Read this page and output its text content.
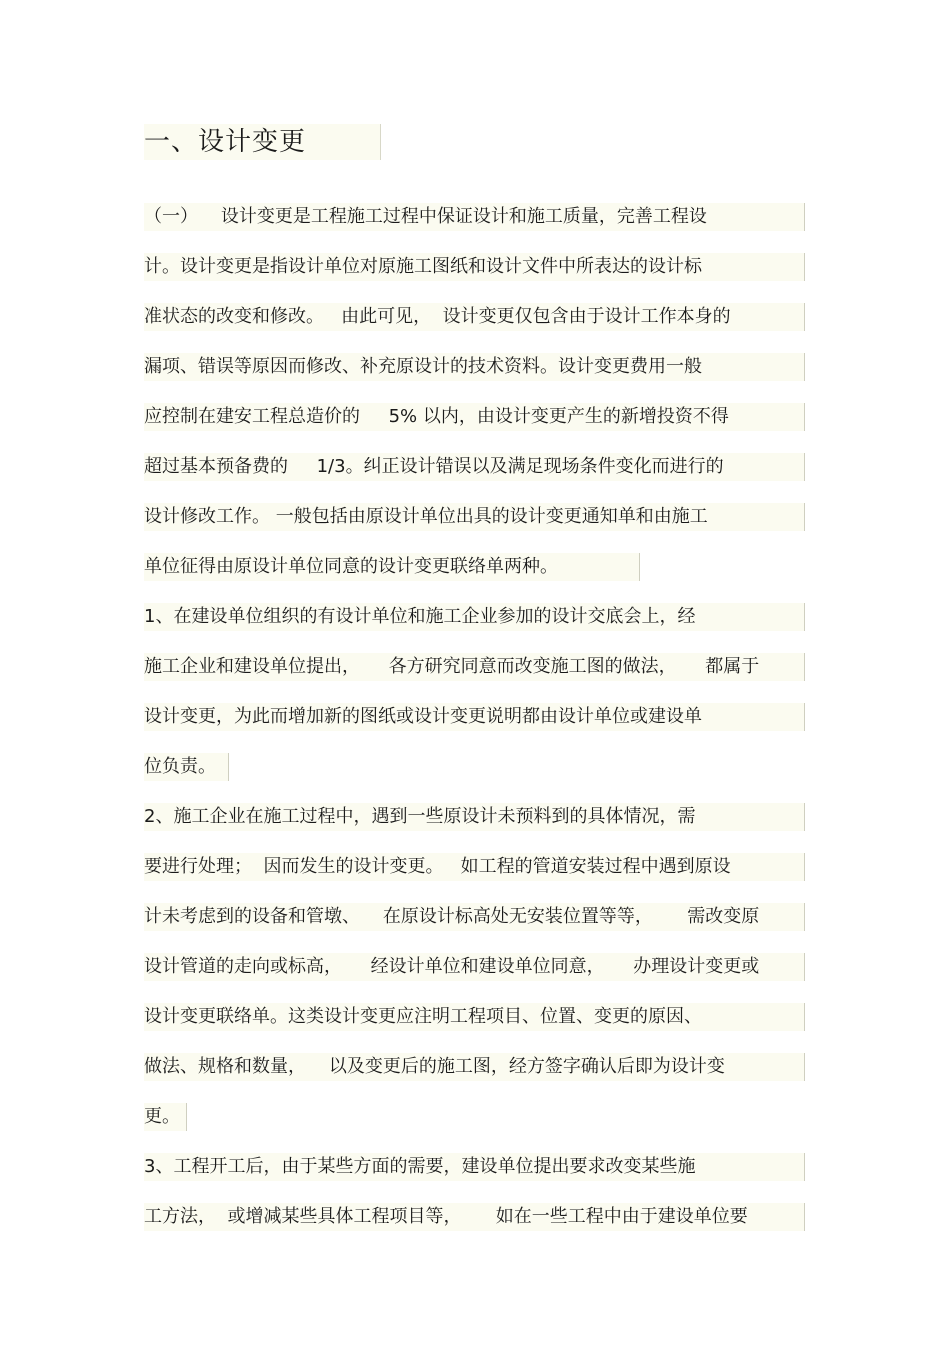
一、设计变更
（一）    设计变更是工程施工过程中保证设计和施工质量，完善工程设
计。设计变更是指设计单位对原施工图纸和设计文件中所表达的设计标
准状态的改变和修改。   由此可见，  设计变更仅包含由于设计工作本身的
漏项、错误等原因而修改、补充原设计的技术资料。设计变更费用一般
应控制在建安工程总造价的     5% 以内，由设计变更产生的新增投资不得
超过基本预备费的     1/3。纠正设计错误以及满足现场条件变化而进行的
设计修改工作。 一般包括由原设计单位出具的设计变更通知单和由施工
单位征得由原设计单位同意的设计变更联络单两种。
1、在建设单位组织的有设计单位和施工企业参加的设计交底会上，经
施工企业和建设单位提出，     各方研究同意而改变施工图的做法，     都属于
设计变更，为此而增加新的图纸或设计变更说明都由设计单位或建设单
位负责。
2、施工企业在施工过程中，遇到一些原设计未预料到的具体情况，需
要进行处理；  因而发生的设计变更。   如工程的管道安装过程中遇到原设
计未考虑到的设备和管墩、    在原设计标高处无安装位置等等，      需改变原
设计管道的走向或标高，     经设计单位和建设单位同意，     办理设计变更或
设计变更联络单。这类设计变更应注明工程项目、位置、变更的原因、
做法、规格和数量，    以及变更后的施工图，经方签字确认后即为设计变
更。
3、工程开工后，由于某些方面的需要，建设单位提出要求改变某些施
工方法，  或增减某些具体工程项目等，      如在一些工程中由于建设单位要
